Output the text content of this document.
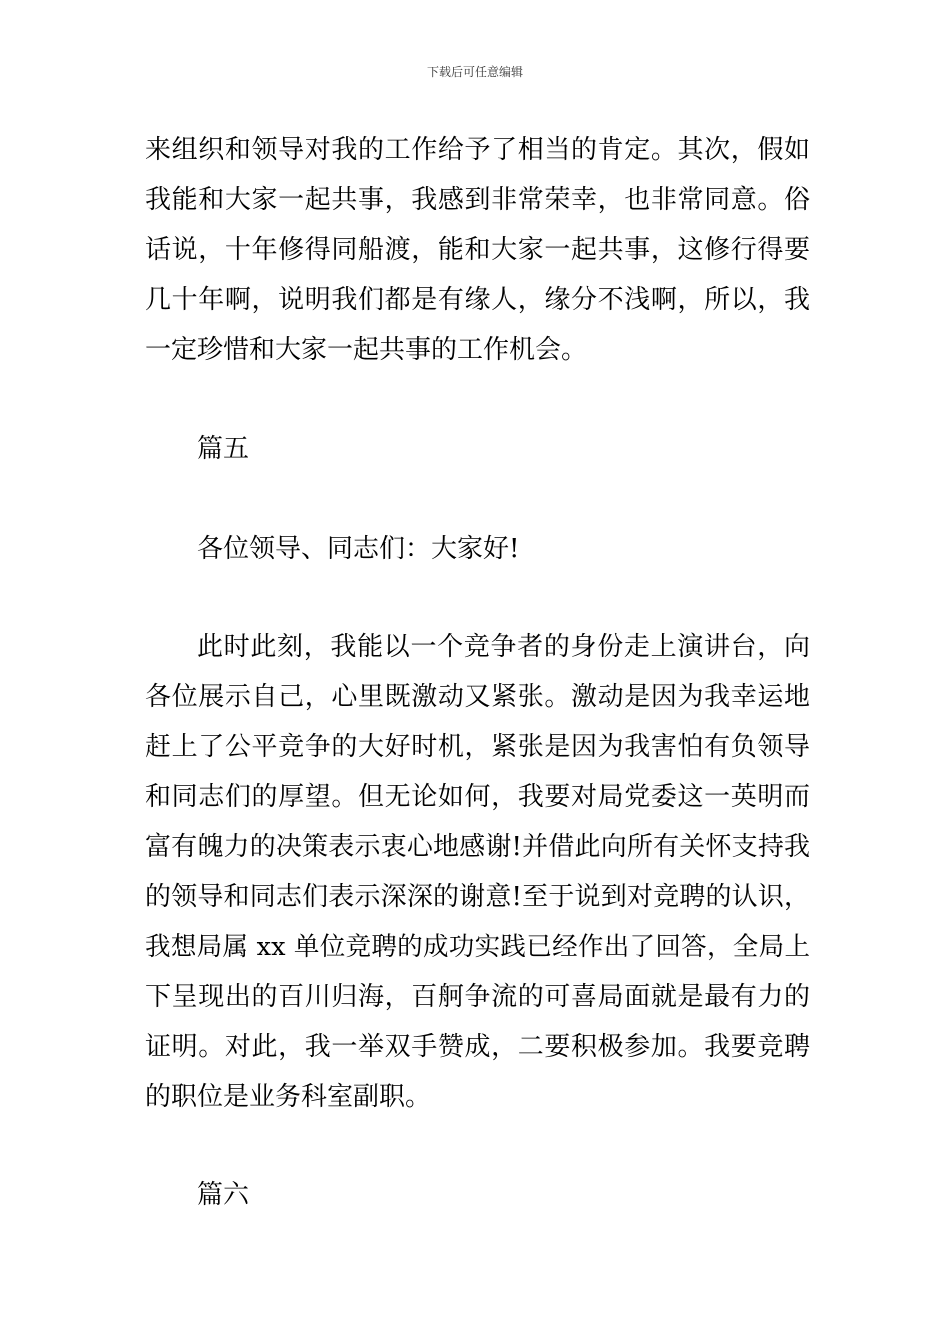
下载后可任意编辑
来组织和领导对我的工作给予了相当的肯定。其次，假如
我能和大家一起共事，我感到非常荣幸，也非常同意。俗
话说，十年修得同船渡，能和大家一起共事，这修行得要
几十年啊，说明我们都是有缘人，缘分不浅啊，所以，我
一定珍惜和大家一起共事的工作机会。
篇五
各位领导、同志们：大家好!
此时此刻，我能以一个竞争者的身份走上演讲台，向
各位展示自己，心里既激动又紧张。激动是因为我幸运地
赶上了公平竞争的大好时机，紧张是因为我害怕有负领导
和同志们的厚望。但无论如何，我要对局党委这一英明而
富有魄力的决策表示衷心地感谢!并借此向所有关怀支持我
的领导和同志们表示深深的谢意!至于说到对竞聘的认识，
我想局属 xx 单位竞聘的成功实践已经作出了回答，全局上
下呈现出的百川归海，百舸争流的可喜局面就是最有力的
证明。对此，我一举双手赞成，二要积极参加。我要竞聘
的职位是业务科室副职。
篇六
